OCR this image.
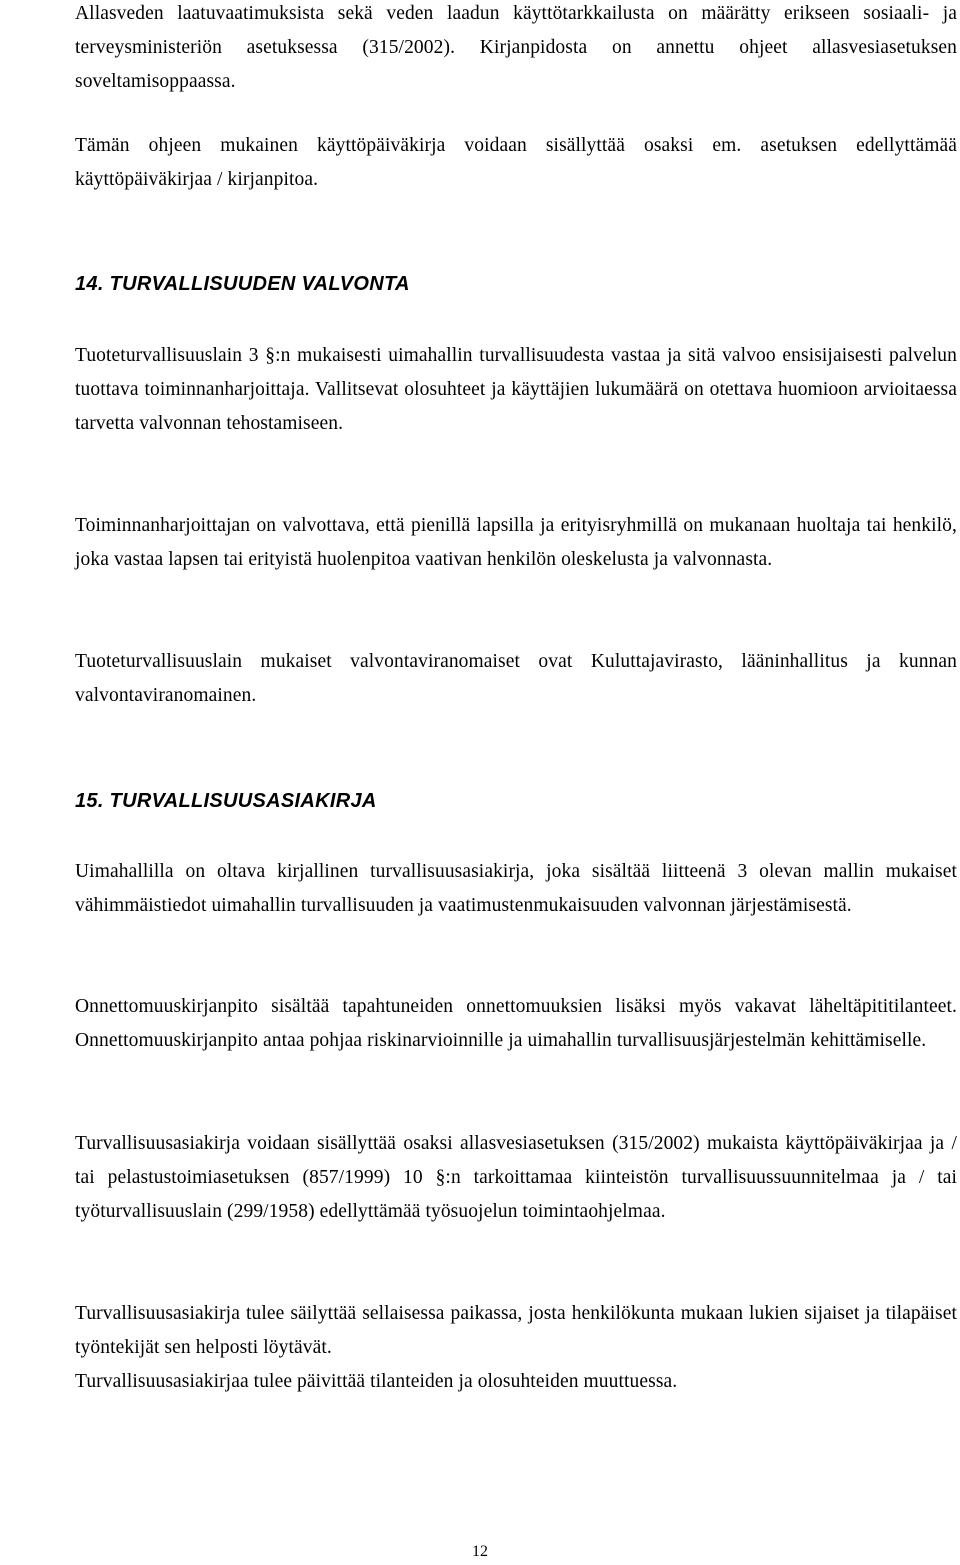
Allasveden laatuvaatimuksista sekä veden laadun käyttötarkkailusta on määrätty erikseen sosiaali- ja terveysministeriön asetuksessa (315/2002). Kirjanpidosta on annettu ohjeet allasvesiasetuksen soveltamisoppaassa.

Tämän ohjeen mukainen käyttöpäiväkirja voidaan sisällyttää osaksi em. asetuksen edellyttämää käyttöpäiväkirjaa / kirjanpitoa.

14. TURVALLISUUDEN VALVONTA

Tuoteturvallisuuslain 3 §:n mukaisesti uimahallin turvallisuudesta vastaa ja sitä valvoo ensisijaisesti palvelun tuottava toiminnanharjoittaja. Vallitsevat olosuhteet ja käyttäjien lukumäärä on otettava huomioon arvioitaessa tarvetta valvonnan tehostamiseen.

Toiminnanharjoittajan on valvottava, että pienillä lapsilla ja erityisryhmillä on mukanaan huoltaja tai henkilö, joka vastaa lapsen tai erityistä huolenpitoa vaativan henkilön oleskelusta ja valvonnasta.

Tuoteturvallisuuslain mukaiset valvontaviranomaiset ovat Kuluttajavirasto, lääninhallitus ja kunnan valvontaviranomainen.

15. TURVALLISUUSASIAKIRJA

Uimahallilla on oltava kirjallinen turvallisuusasiakirja, joka sisältää liitteenä 3 olevan mallin mukaiset vähimmäistiedot uimahallin turvallisuuden ja vaatimustenmukaisuuden valvonnan järjestämisestä.

Onnettomuuskirjanpito sisältää tapahtuneiden onnettomuuksien lisäksi myös vakavat läheltäpititilanteet. Onnettomuuskirjanpito antaa pohjaa riskinarvioinnille ja uimahallin turvallisuusjärjestelmän kehittämiselle.

Turvallisuusasiakirja voidaan sisällyttää osaksi allasvesiasetuksen (315/2002) mukaista käyttöpäiväkirjaa ja / tai pelastustoimiasetuksen (857/1999) 10 §:n tarkoittamaa kiinteistön turvallisuussuunnitelmaa ja / tai työturvallisuuslain (299/1958) edellyttämää työsuojelun toimintaohjelmaa.

Turvallisuusasiakirja tulee säilyttää sellaisessa paikassa, josta henkilökunta mukaan lukien sijaiset ja tilapäiset työntekijät sen helposti löytävät.

Turvallisuusasiakirjaa tulee päivittää tilanteiden ja olosuhteiden muuttuessa.

12
